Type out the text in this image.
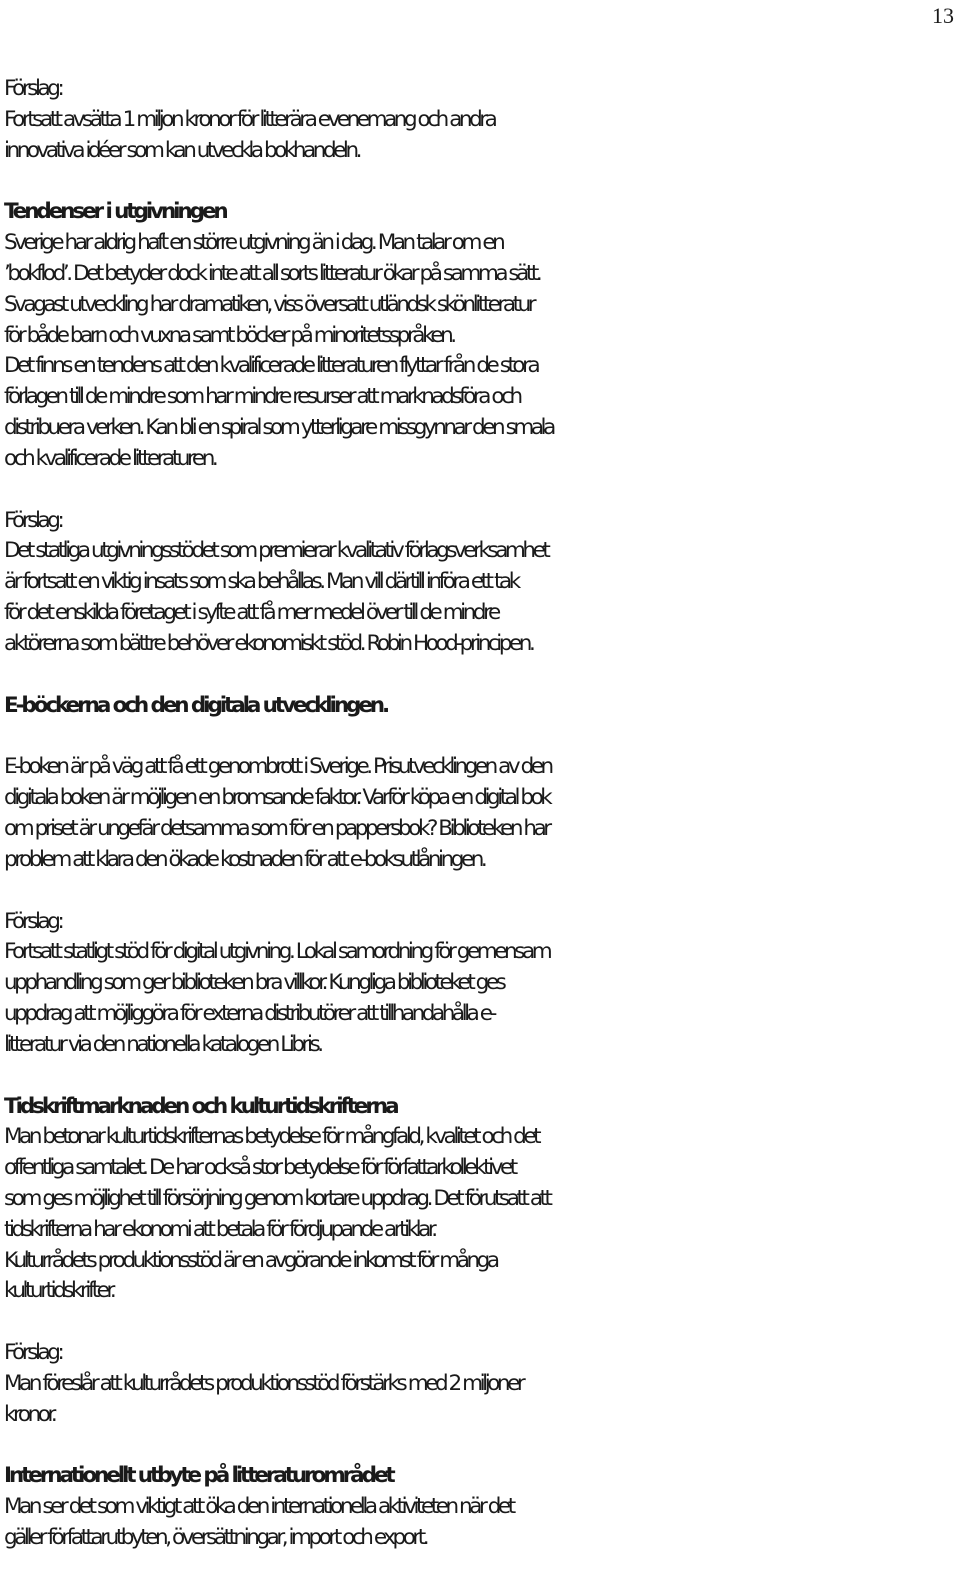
13
Förslag:
Fortsatt avsätta 1 miljon kronor för litterära evenemang och andra
innovativa idéer som kan utveckla bokhandeln.
Tendenser i utgivningen
Sverige har aldrig haft en större utgivning än i dag. Man talar om en
’bokflod’. Det betyder dock inte att all sorts litteratur ökar på samma sätt.
Svagast utveckling har dramatiken, viss översatt utländsk skönlitteratur
för både barn och vuxna samt böcker på minoritetsspråken.
Det finns en tendens att den kvalificerade litteraturen flyttar från de stora
förlagen till de mindre som har mindre resurser att marknadsföra och
distribuera verken. Kan bli en spiral som ytterligare missgynnar den smala
och kvalificerade litteraturen.
Förslag:
Det statliga utgivningsstödet som premierar kvalitativ förlagsverksamhet
är fortsatt en viktig insats som ska behållas. Man vill därtill införa ett tak
för det enskilda företaget i syfte att få mer medel över till de mindre
aktörerna som bättre behöver ekonomiskt stöd. Robin Hood-principen.
E-böckerna och den digitala utvecklingen.
E-boken är på väg att få ett genombrott i Sverige. Prisutvecklingen av den
digitala boken är möjligen en bromsande faktor. Varför köpa en digital bok
om priset är ungefär detsamma som för en pappersbok? Biblioteken har
problem att klara den ökade kostnaden för att e-boksutlåningen.
Förslag:
Fortsatt statligt stöd för digital utgivning. Lokal samordning för gemensam
upphandling som ger biblioteken bra villkor. Kungliga biblioteket ges
uppdrag att möjliggöra för externa distributörer att tillhandahålla e-
litteratur via den nationella katalogen Libris.
Tidskriftmarknaden och kulturtidskrifterna
Man betonar kulturtidskrifternas betydelse för mångfald, kvalitet och det
offentliga samtalet. De har också stor betydelse för författarkollektivet
som ges möjlighet till försörjning genom kortare uppdrag. Det förutsatt att
tidskrifterna har ekonomi att betala för fördjupande artiklar.
Kulturrådets produktionsstöd är en avgörande inkomst för många
kulturtidskrifter.
Förslag:
Man föreslår att kulturrådets produktionsstöd förstärks med 2 miljoner
kronor.
Internationellt utbyte på litteraturområdet
Man ser det som viktigt att öka den internationella aktiviteten när det
gäller författarutbyten, översättningar, import och export.
